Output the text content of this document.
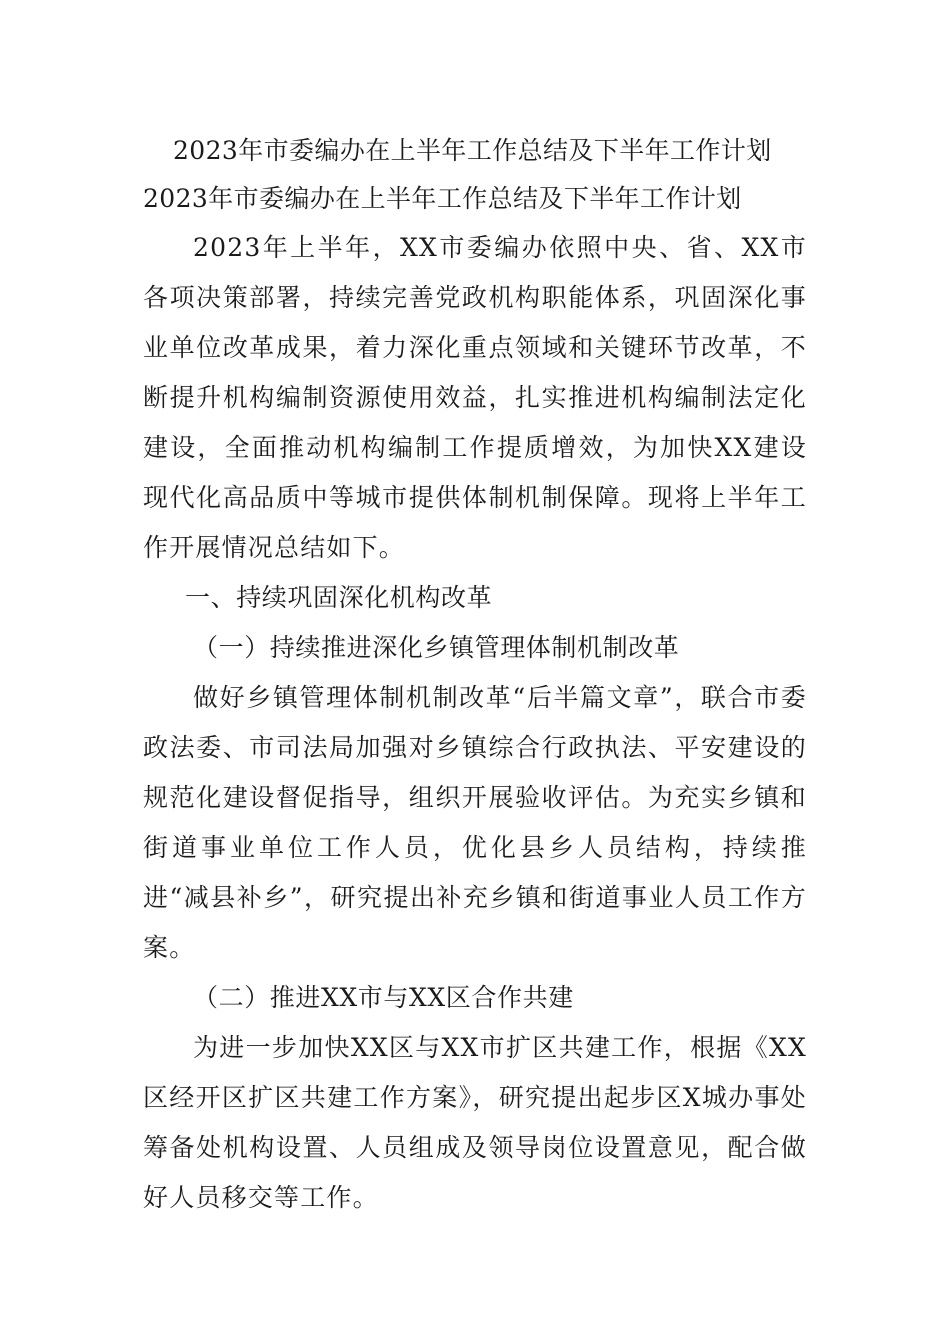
2023年市委编办在上半年工作总结及下半年工作计划

2023年市委编办在上半年工作总结及下半年工作计划

2023年上半年，XX市委编办依照中央、省、XX市各项决策部署，持续完善党政机构职能体系，巩固深化事业单位改革成果，着力深化重点领域和关键环节改革，不断提升机构编制资源使用效益，扎实推进机构编制法定化建设，全面推动机构编制工作提质增效，为加快XX建设现代化高品质中等城市提供体制机制保障。现将上半年工作开展情况总结如下。

一、持续巩固深化机构改革

（一）持续推进深化乡镇管理体制机制改革

做好乡镇管理体制机制改革“后半篇文章”，联合市委政法委、市司法局加强对乡镇综合行政执法、平安建设的规范化建设督促指导，组织开展验收评估。为充实乡镇和街道事业单位工作人员，优化县乡人员结构，持续推进“减县补乡”，研究提出补充乡镇和街道事业人员工作方案。

（二）推进XX市与XX区合作共建

为进一步加快XX区与XX市扩区共建工作，根据《XX区经开区扩区共建工作方案》，研究提出起步区X城办事处筹备处机构设置、人员组成及领导岗位设置意见，配合做好人员移交等工作。
